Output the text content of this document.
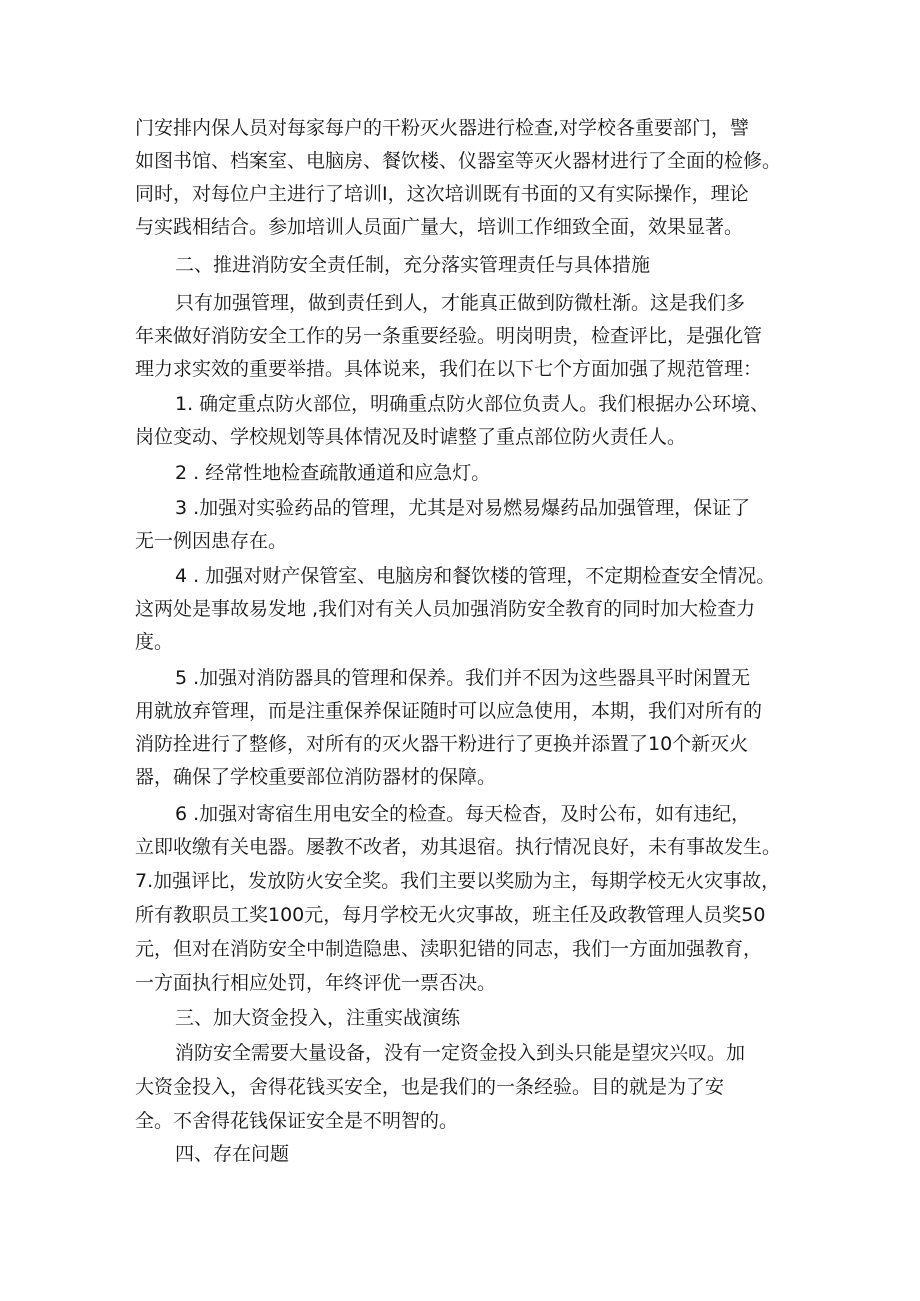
门安排内保人员对每家每户的干粉灭火器进行检查,对学校各重要部门，譬
如图书馆、档案室、电脑房、餐饮楼、仪器室等灭火器材进行了全面的检修。
同时，对每位户主进行了培训I，这次培训既有书面的又有实际操作，理论
与实践相结合。参加培训人员面广量大，培训工作细致全面，效果显著。
二、推进消防安全责任制，充分落实管理责任与具体措施
只有加强管理，做到责任到人，才能真正做到防微杜渐。这是我们多
年来做好消防安全工作的另一条重要经验。明岗明贵，检查评比，是强化管
理力求实效的重要举措。具体说来，我们在以下七个方面加强了规范管理：
1. 确定重点防火部位，明确重点防火部位负责人。我们根据办公环境、
岗位变动、学校规划等具体情况及时谑整了重点部位防火责任人。
2 . 经常性地检查疏散通道和应急灯。
3 .加强对实验药品的管理，尤其是对易燃易爆药品加强管理，保证了
无一例因患存在。
4 . 加强对财产保管室、电脑房和餐饮楼的管理，不定期检查安全情况。
这两处是事故易发地 ,我们对有关人员加强消防安全教育的同时加大检查力
度。
5 .加强对消防器具的管理和保养。我们并不因为这些器具平时闲置无
用就放弃管理，而是注重保养保证随时可以应急使用，本期，我们对所有的
消防拴进行了整修，对所有的灭火器干粉进行了更换并添置了10个新灭火
器，确保了学校重要部位消防器材的保障。
6 .加强对寄宿生用电安全的检查。每天检杳，及时公布，如有违纪，
立即收缴有关电器。屡教不改者，劝其退宿。执行情况良好，未有事故发生。
7.加强评比，发放防火安全奖。我们主要以奖励为主，每期学校无火灾事故，
所有教职员工奖100元，每月学校无火灾事故，班主任及政教管理人员奖50
元，但对在消防安全中制造隐患、渎职犯错的同志，我们一方面加强教育，
一方面执行相应处罚，年终评优一票否决。
三、加大资金投入，注重实战演练
消防安全需要大量设备，没有一定资金投入到头只能是望灾兴叹。加
大资金投入，舍得花钱买安全，也是我们的一条经验。目的就是为了安
全。不舍得花钱保证安全是不明智的。
四、存在问题
